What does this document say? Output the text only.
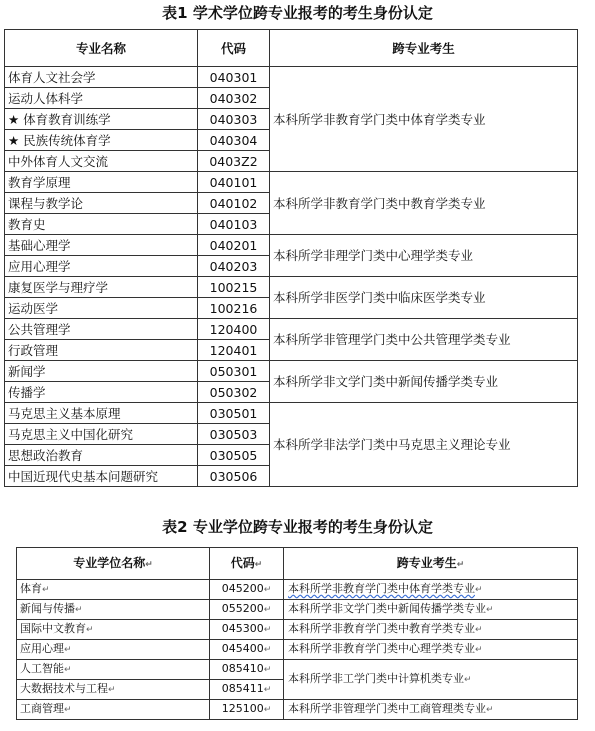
表1 学术学位跨专业报考的考生身份认定
专业名称	代码	跨专业考生
体育人文社会学	040301	本科所学非教育学门类中体育学类专业
运动人体科学	040302	
★ 体育教育训练学	040303	
★ 民族传统体育学	040304	
中外体育人文交流	0403Z2	
教育学原理	040101	本科所学非教育学门类中教育学类专业
课程与教学论	040102	
教育史	040103	
基础心理学	040201	本科所学非理学门类中心理学类专业
应用心理学	040203	
康复医学与理疗学	100215	本科所学非医学门类中临床医学类专业
运动医学	100216	
公共管理学	120400	本科所学非管理学门类中公共管理学类专业
行政管理	120401	
新闻学	050301	本科所学非文学门类中新闻传播学类专业
传播学	050302	
马克思主义基本原理	030501	本科所学非法学门类中马克思主义理论专业
马克思主义中国化研究	030503	
思想政治教育	030505	
中国近现代史基本问题研究	030506	
表2 专业学位跨专业报考的考生身份认定
专业学位名称↵	代码↵	跨专业考生↵
体育↵	045200↵	本科所学非教育学门类中体育学类专业↵
新闻与传播↵	055200↵	本科所学非文学门类中新闻传播学类专业↵
国际中文教育↵	045300↵	本科所学非教育学门类中教育学类专业↵
应用心理↵	045400↵	本科所学非教育学门类中心理学类专业↵
人工智能↵	085410↵	本科所学非工学门类中计算机类专业↵
大数据技术与工程↵	085411↵	
工商管理↵	125100↵	本科所学非管理学门类中工商管理类专业↵
